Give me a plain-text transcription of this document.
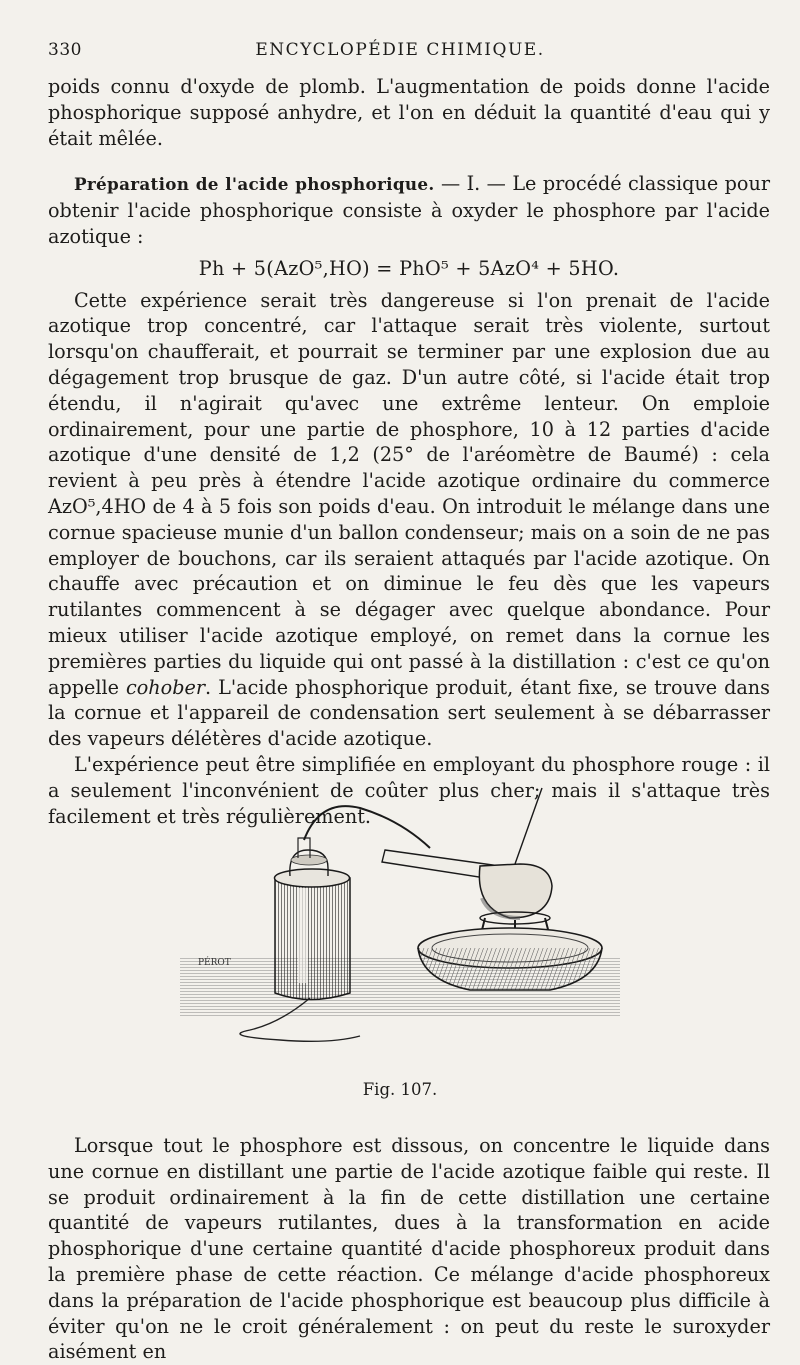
330	ENCYCLOPÉDIE CHIMIQUE.

poids connu d'oxyde de plomb. L'augmentation de poids donne l'acide phosphorique supposé anhydre, et l'on en déduit la quantité d'eau qui y était mêlée.

Préparation de l'acide phosphorique. — I. — Le procédé classique pour obtenir l'acide phosphorique consiste à oxyder le phosphore par l'acide azotique :

Ph + 5(AzO⁵,HO) = PhO⁵ + 5AzO⁴ + 5HO.

Cette expérience serait très dangereuse si l'on prenait de l'acide azotique trop concentré, car l'attaque serait très violente, surtout lorsqu'on chaufferait, et pourrait se terminer par une explosion due au dégagement trop brusque de gaz. D'un autre côté, si l'acide était trop étendu, il n'agirait qu'avec une extrême lenteur. On emploie ordinairement, pour une partie de phosphore, 10 à 12 parties d'acide azotique d'une densité de 1,2 (25° de l'aréomètre de Baumé) : cela revient à peu près à étendre l'acide azotique ordinaire du commerce AzO⁵,4HO de 4 à 5 fois son poids d'eau. On introduit le mélange dans une cornue spacieuse munie d'un ballon condenseur; mais on a soin de ne pas employer de bouchons, car ils seraient attaqués par l'acide azotique. On chauffe avec précaution et on diminue le feu dès que les vapeurs rutilantes commencent à se dégager avec quelque abondance. Pour mieux utiliser l'acide azotique employé, on remet dans la cornue les premières parties du liquide qui ont passé à la distillation : c'est ce qu'on appelle cohober. L'acide phosphorique produit, étant fixe, se trouve dans la cornue et l'appareil de condensation sert seulement à se débarrasser des vapeurs délétères d'acide azotique.

L'expérience peut être simplifiée en employant du phosphore rouge : il a seulement l'inconvénient de coûter plus cher; mais il s'attaque très facilement et très régulièrement.

PÉROT
Fig. 107.

Lorsque tout le phosphore est dissous, on concentre le liquide dans une cornue en distillant une partie de l'acide azotique faible qui reste. Il se produit ordinairement à la fin de cette distillation une certaine quantité de vapeurs rutilantes, dues à la transformation en acide phosphorique d'une certaine quantité d'acide phosphoreux produit dans la première phase de cette réaction. Ce mélange d'acide phosphoreux dans la préparation de l'acide phosphorique est beaucoup plus difficile à éviter qu'on ne le croit généralement : on peut du reste le suroxyder aisément en
